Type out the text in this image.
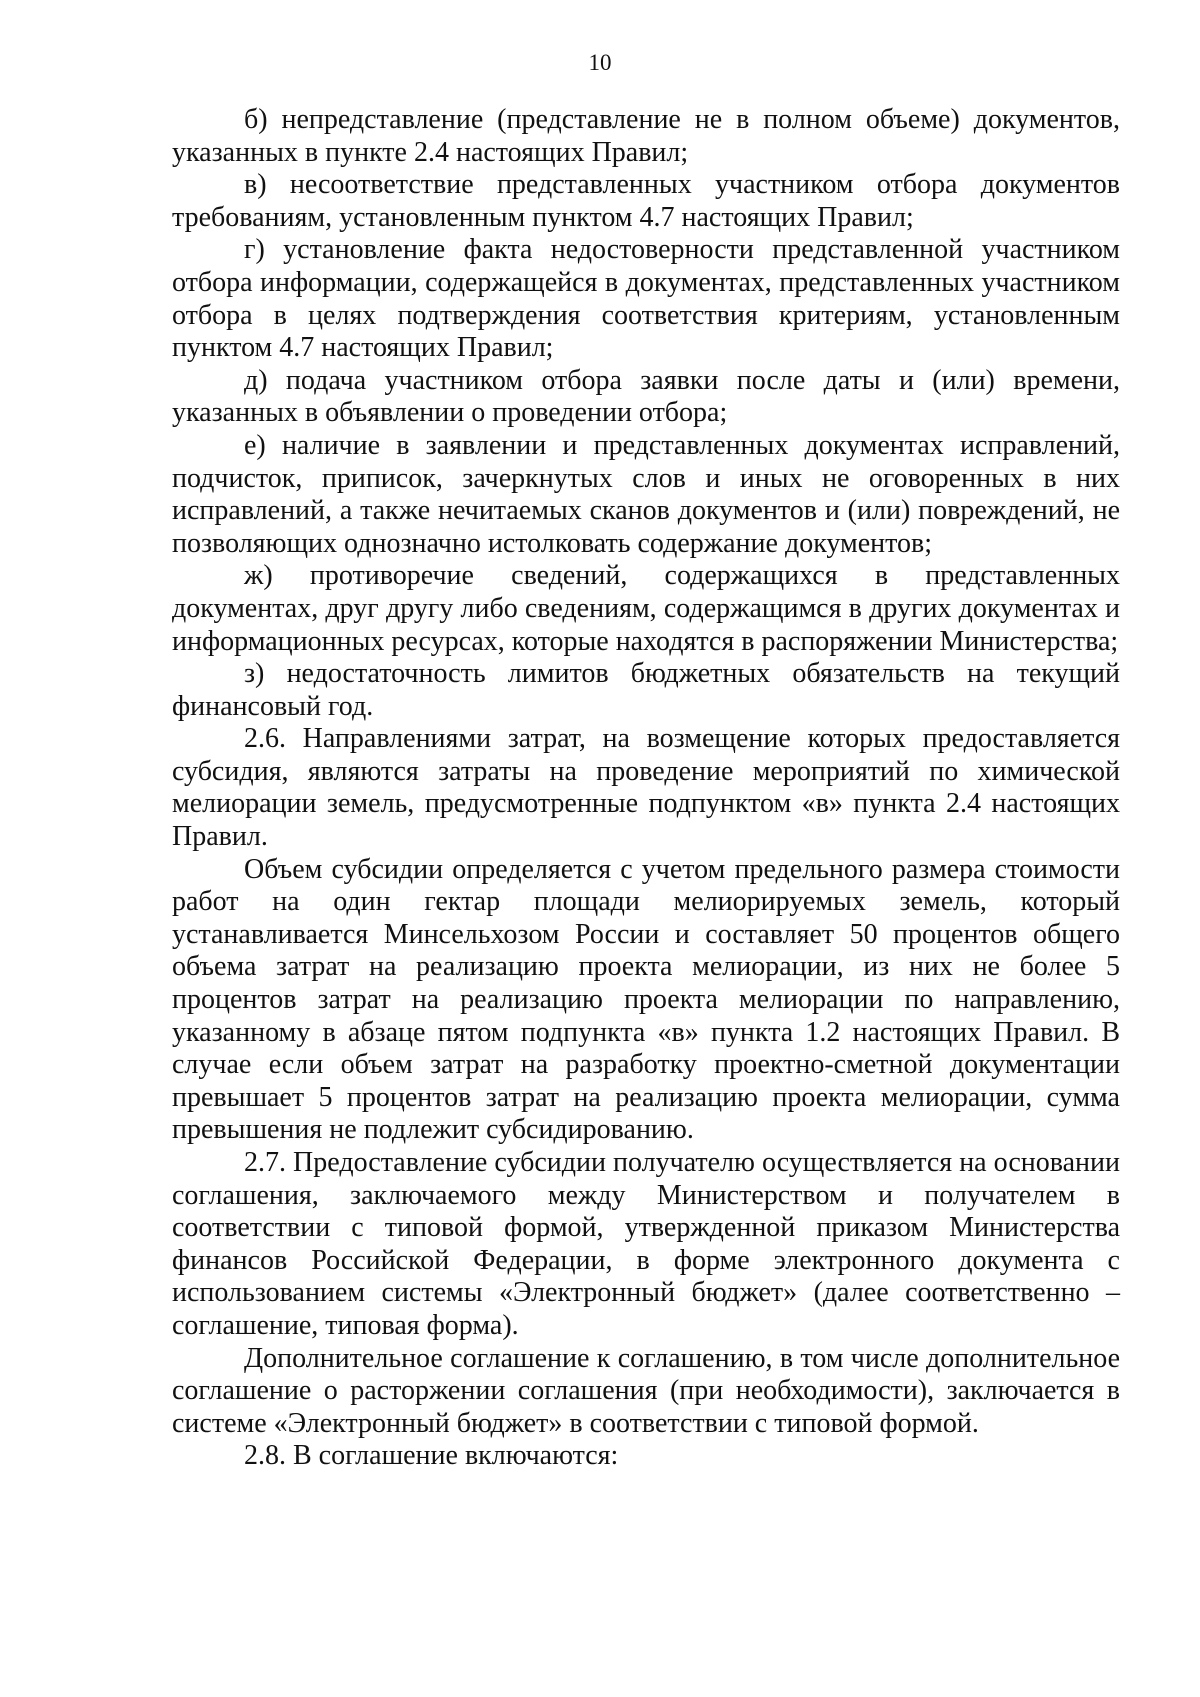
10

б) непредставление (представление не в полном объеме) документов, указанных в пункте 2.4 настоящих Правил;

в) несоответствие представленных участником отбора документов требованиям, установленным пунктом 4.7 настоящих Правил;

г) установление факта недостоверности представленной участником отбора информации, содержащейся в документах, представленных участником отбора в целях подтверждения соответствия критериям, установленным пунктом 4.7 настоящих Правил;

д) подача участником отбора заявки после даты и (или) времени, указанных в объявлении о проведении отбора;

е) наличие в заявлении и представленных документах исправлений, подчисток, приписок, зачеркнутых слов и иных не оговоренных в них исправлений, а также нечитаемых сканов документов и (или) повреждений, не позволяющих однозначно истолковать содержание документов;

ж) противоречие сведений, содержащихся в представленных документах, друг другу либо сведениям, содержащимся в других документах и информационных ресурсах, которые находятся в распоряжении Министерства;

з) недостаточность лимитов бюджетных обязательств на текущий финансовый год.

2.6. Направлениями затрат, на возмещение которых предоставляется субсидия, являются затраты на проведение мероприятий по химической мелиорации земель, предусмотренные подпунктом «в» пункта 2.4 настоящих Правил.

Объем субсидии определяется с учетом предельного размера стоимости работ на один гектар площади мелиорируемых земель, который устанавливается Минсельхозом России и составляет 50 процентов общего объема затрат на реализацию проекта мелиорации, из них не более 5 процентов затрат на реализацию проекта мелиорации по направлению, указанному в абзаце пятом подпункта «в» пункта 1.2 настоящих Правил. В случае если объем затрат на разработку проектно-сметной документации превышает 5 процентов затрат на реализацию проекта мелиорации, сумма превышения не подлежит субсидированию.

2.7. Предоставление субсидии получателю осуществляется на основании соглашения, заключаемого между Министерством и получателем в соответствии с типовой формой, утвержденной приказом Министерства финансов Российской Федерации, в форме электронного документа с использованием системы «Электронный бюджет» (далее соответственно – соглашение, типовая форма).

Дополнительное соглашение к соглашению, в том числе дополнительное соглашение о расторжении соглашения (при необходимости), заключается в системе «Электронный бюджет» в соответствии с типовой формой.

2.8. В соглашение включаются:
